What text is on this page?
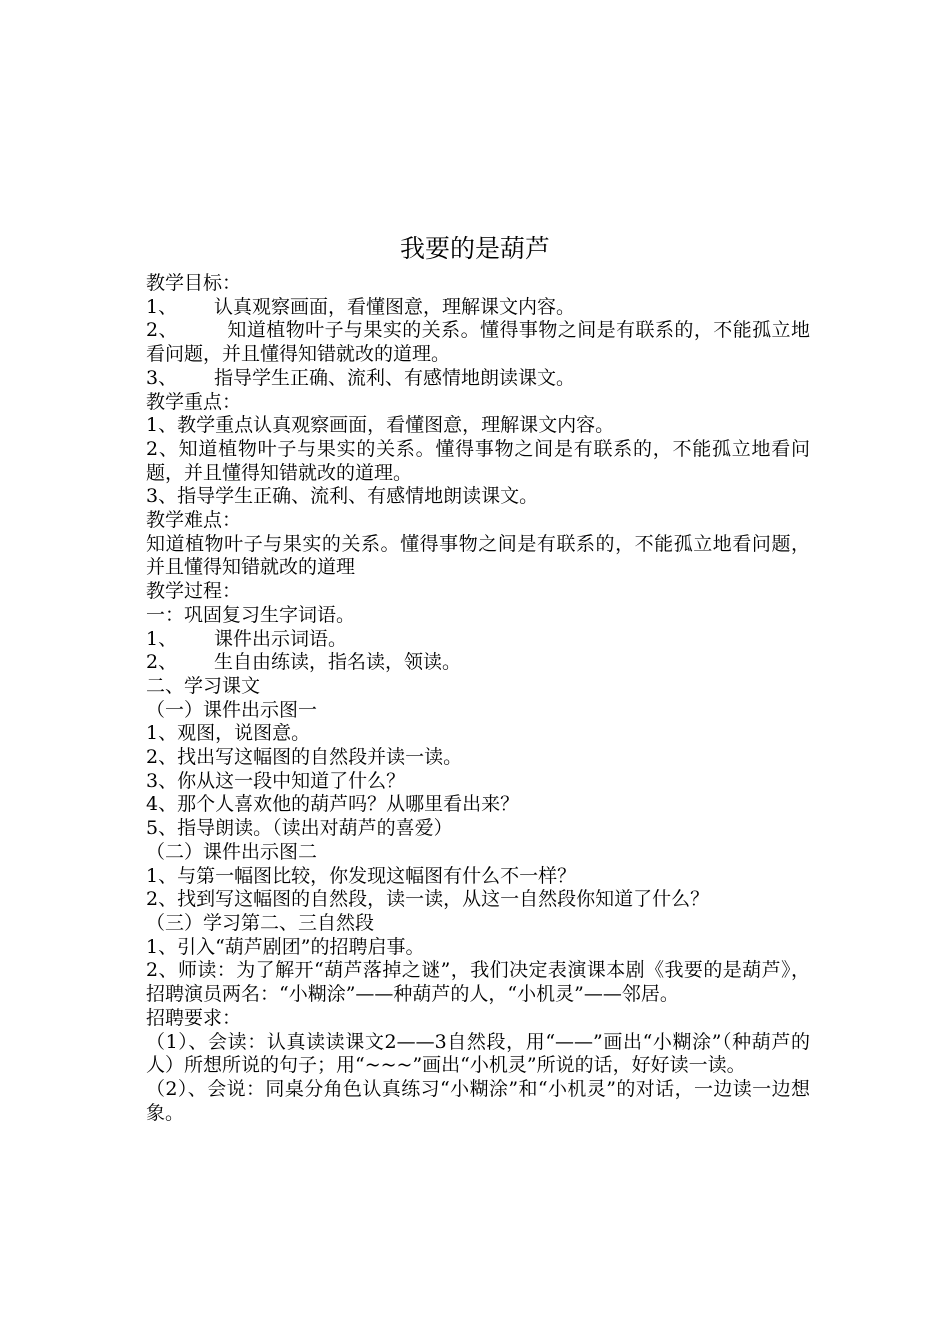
我要的是葫芦
教学目标：
1、 认真观察画面，看懂图意，理解课文内容。
2、	知道植物叶子与果实的关系。懂得事物之间是有联系的，不能孤立地看问题，并且懂得知错就改的道理。
3、 指导学生正确、流利、有感情地朗读课文。
教学重点：
1、教学重点认真观察画面，看懂图意，理解课文内容。
2、知道植物叶子与果实的关系。懂得事物之间是有联系的，不能孤立地看问题，并且懂得知错就改的道理。
3、指导学生正确、流利、有感情地朗读课文。
教学难点：
知道植物叶子与果实的关系。懂得事物之间是有联系的，不能孤立地看问题，并且懂得知错就改的道理
教学过程：
一：巩固复习生字词语。
1、 课件出示词语。
2、 生自由练读，指名读，领读。
二、学习课文
（一）课件出示图一
1、观图，说图意。
2、找出写这幅图的自然段并读一读。
3、你从这一段中知道了什么？
4、那个人喜欢他的葫芦吗？从哪里看出来？
5、指导朗读。（读出对葫芦的喜爱）
（二）课件出示图二
1、与第一幅图比较，你发现这幅图有什么不一样？
2、找到写这幅图的自然段，读一读，从这一自然段你知道了什么？
（三）学习第二、三自然段
1、引入“葫芦剧团”的招聘启事。
2、师读：为了解开“葫芦落掉之谜”，我们决定表演课本剧《我要的是葫芦》，招聘演员两名：“小糊涂”——种葫芦的人，“小机灵”——邻居。
招聘要求：
（1）、会读：认真读读课文2——3自然段，用“——”画出“小糊涂”（种葫芦的人）所想所说的句子；用“~~~”画出“小机灵”所说的话，好好读一读。
（2）、会说：同桌分角色认真练习“小糊涂”和“小机灵”的对话，一边读一边想象。
